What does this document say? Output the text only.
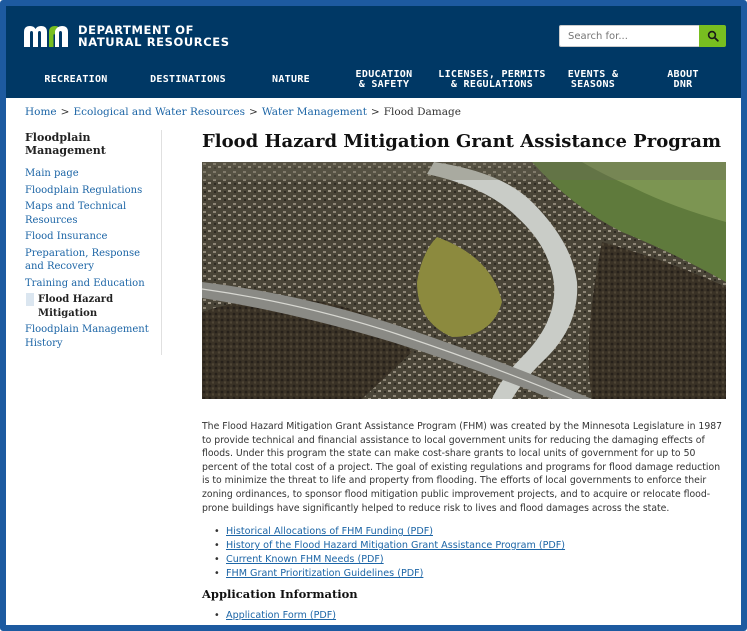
DEPARTMENT OF
NATURAL RESOURCES
Search for...
RECREATION	DESTINATIONS	NATURE	EDUCATION
& SAFETY
LICENSES, PERMITS
& REGULATIONS
EVENTS &
SEASONS
ABOUT
DNR
Home > Ecological and Water Resources > Water Management > Flood Damage
Floodplain Management
Main page
Floodplain Regulations
Maps and Technical Resources
Flood Insurance
Preparation, Response and Recovery
Training and Education
Flood Hazard Mitigation
Floodplain Management History
Flood Hazard Mitigation Grant Assistance Program

The Flood Hazard Mitigation Grant Assistance Program (FHM) was created by the Minnesota Legislature in 1987 to provide technical and financial assistance to local government units for reducing the damaging effects of floods. Under this program the state can make cost-share grants to local units of government for up to 50 percent of the total cost of a project. The goal of existing regulations and programs for flood damage reduction is to minimize the threat to life and property from flooding. The efforts of local governments to enforce their zoning ordinances, to sponsor flood mitigation public improvement projects, and to acquire or relocate flood-prone buildings have significantly helped to reduce risk to lives and flood damages across the state.

• Historical Allocations of FHM Funding (PDF)
• History of the Flood Hazard Mitigation Grant Assistance Program (PDF)
• Current Known FHM Needs (PDF)
• FHM Grant Prioritization Guidelines (PDF)
Application Information
• Application Form (PDF)
